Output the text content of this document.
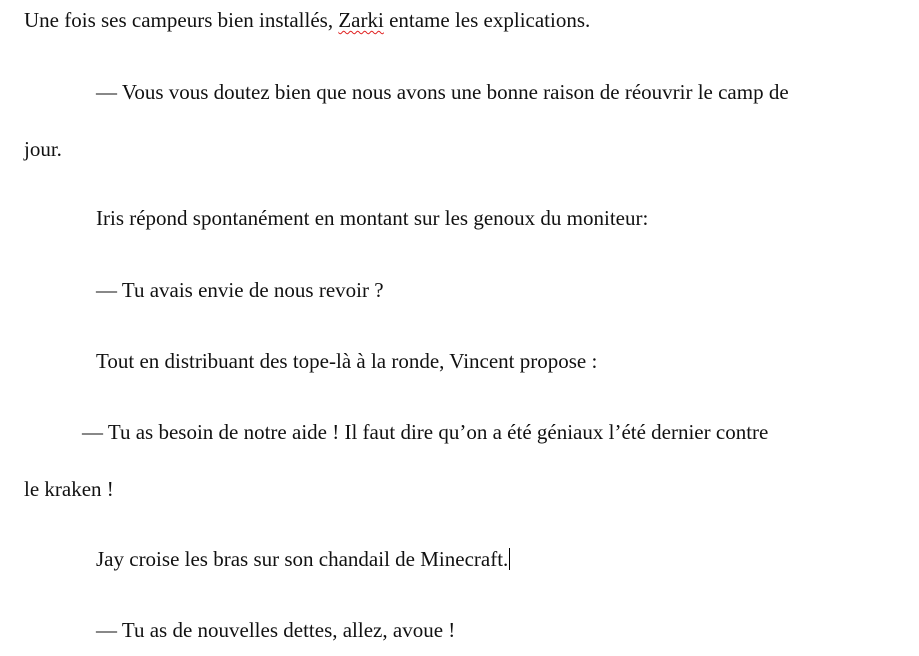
Une fois ses campeurs bien installés, Zarki entame les explications.
— Vous vous doutez bien que nous avons une bonne raison de réouvrir le camp de
jour.
Iris répond spontanément en montant sur les genoux du moniteur:
— Tu avais envie de nous revoir ?
Tout en distribuant des tope-là à la ronde, Vincent propose :
— Tu as besoin de notre aide ! Il faut dire qu’on a été géniaux l’été dernier contre
le kraken !
Jay croise les bras sur son chandail de Minecraft.
— Tu as de nouvelles dettes, allez, avoue !
